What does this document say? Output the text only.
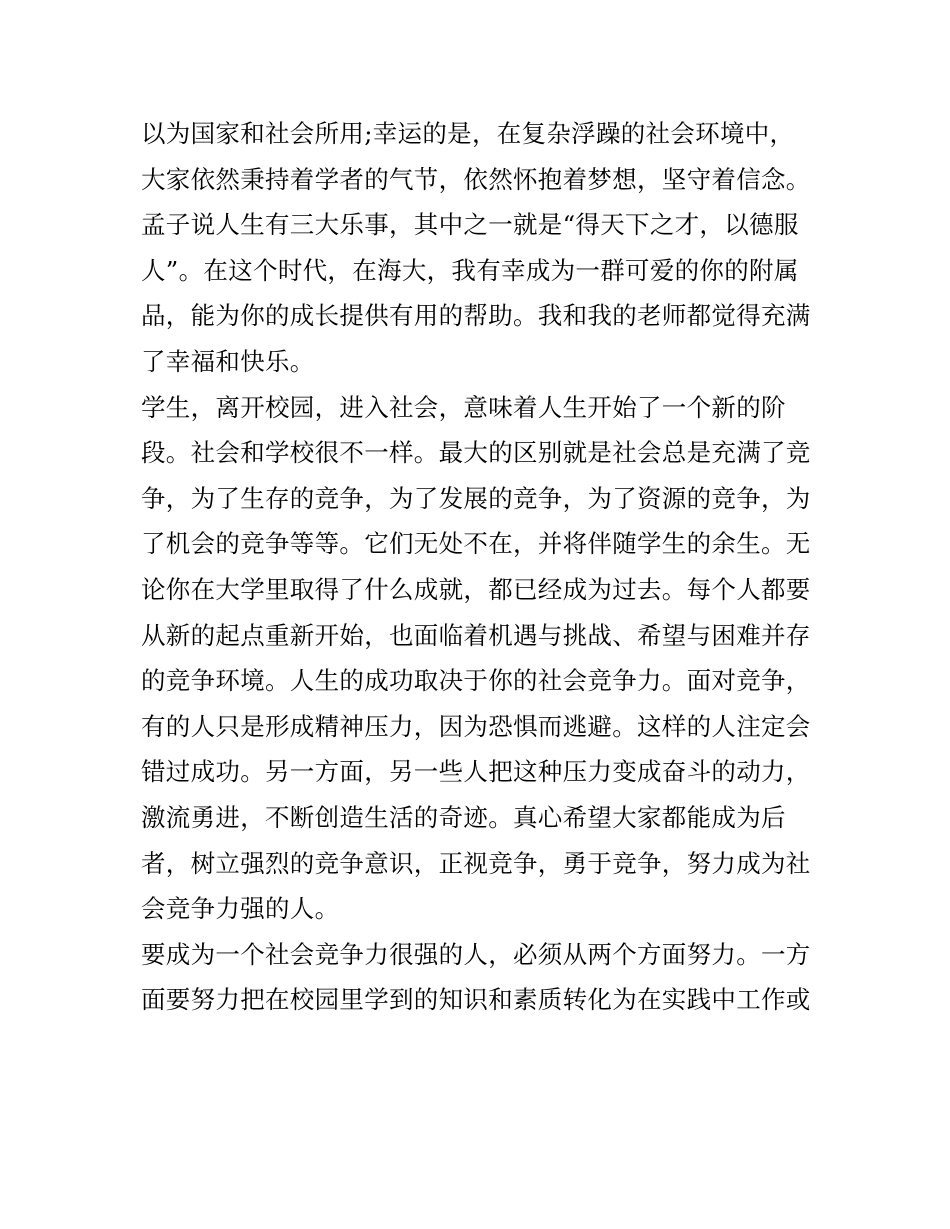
以为国家和社会所用;幸运的是，在复杂浮躁的社会环境中，
大家依然秉持着学者的气节，依然怀抱着梦想，坚守着信念。
孟子说人生有三大乐事，其中之一就是“得天下之才，以德服
人”。在这个时代，在海大，我有幸成为一群可爱的你的附属
品，能为你的成长提供有用的帮助。我和我的老师都觉得充满
了幸福和快乐。
学生，离开校园，进入社会，意味着人生开始了一个新的阶
段。社会和学校很不一样。最大的区别就是社会总是充满了竞
争，为了生存的竞争，为了发展的竞争，为了资源的竞争，为
了机会的竞争等等。它们无处不在，并将伴随学生的余生。无
论你在大学里取得了什么成就，都已经成为过去。每个人都要
从新的起点重新开始，也面临着机遇与挑战、希望与困难并存
的竞争环境。人生的成功取决于你的社会竞争力。面对竞争，
有的人只是形成精神压力，因为恐惧而逃避。这样的人注定会
错过成功。另一方面，另一些人把这种压力变成奋斗的动力，
激流勇进，不断创造生活的奇迹。真心希望大家都能成为后
者，树立强烈的竞争意识，正视竞争，勇于竞争，努力成为社
会竞争力强的人。
要成为一个社会竞争力很强的人，必须从两个方面努力。一方
面要努力把在校园里学到的知识和素质转化为在实践中工作或
